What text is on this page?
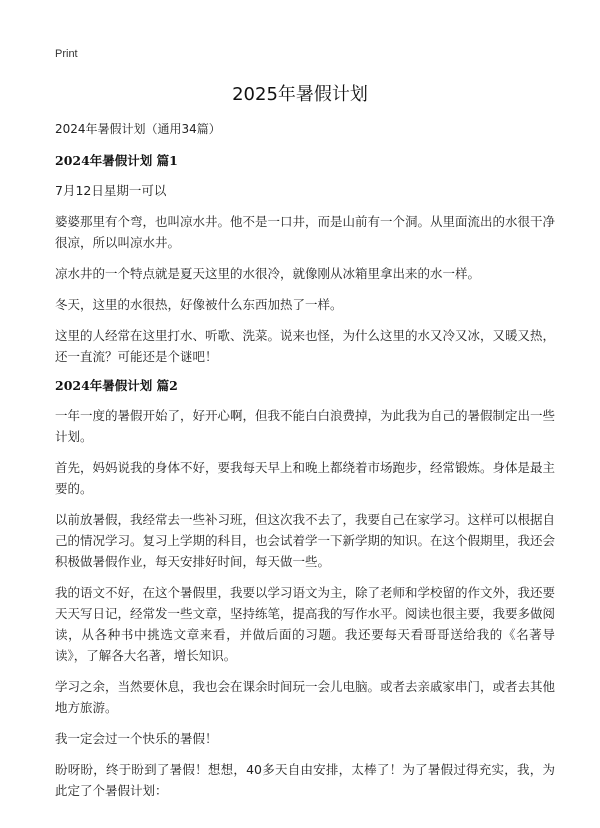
Print
2025年暑假计划

2024年暑假计划（通用34篇）

2024年暑假计划 篇1

7月12日星期一可以

婆婆那里有个弯，也叫凉水井。他不是一口井，而是山前有一个洞。从里面流出的水很干净很凉，所以叫凉水井。

凉水井的一个特点就是夏天这里的水很冷，就像刚从冰箱里拿出来的水一样。

冬天，这里的水很热，好像被什么东西加热了一样。

这里的人经常在这里打水、听歌、洗菜。说来也怪，为什么这里的水又冷又冰，又暖又热，还一直流？可能还是个谜吧！

2024年暑假计划 篇2

一年一度的暑假开始了，好开心啊，但我不能白白浪费掉，为此我为自己的暑假制定出一些计划。

首先，妈妈说我的身体不好，要我每天早上和晚上都绕着市场跑步，经常锻炼。身体是最主要的。

以前放暑假，我经常去一些补习班，但这次我不去了，我要自己在家学习。这样可以根据自己的情况学习。复习上学期的科目，也会试着学一下新学期的知识。在这个假期里，我还会积极做暑假作业，每天安排好时间，每天做一些。

我的语文不好，在这个暑假里，我要以学习语文为主，除了老师和学校留的作文外，我还要天天写日记，经常发一些文章，坚持练笔，提高我的写作水平。阅读也很主要，我要多做阅读，从各种书中挑选文章来看，并做后面的习题。我还要每天看哥哥送给我的《名著导读》，了解各大名著，增长知识。

学习之余，当然要休息，我也会在课余时间玩一会儿电脑。或者去亲戚家串门，或者去其他地方旅游。

我一定会过一个快乐的暑假！

盼呀盼，终于盼到了暑假！想想，40多天自由安排，太棒了！为了暑假过得充实，我，为此定了个暑假计划：
